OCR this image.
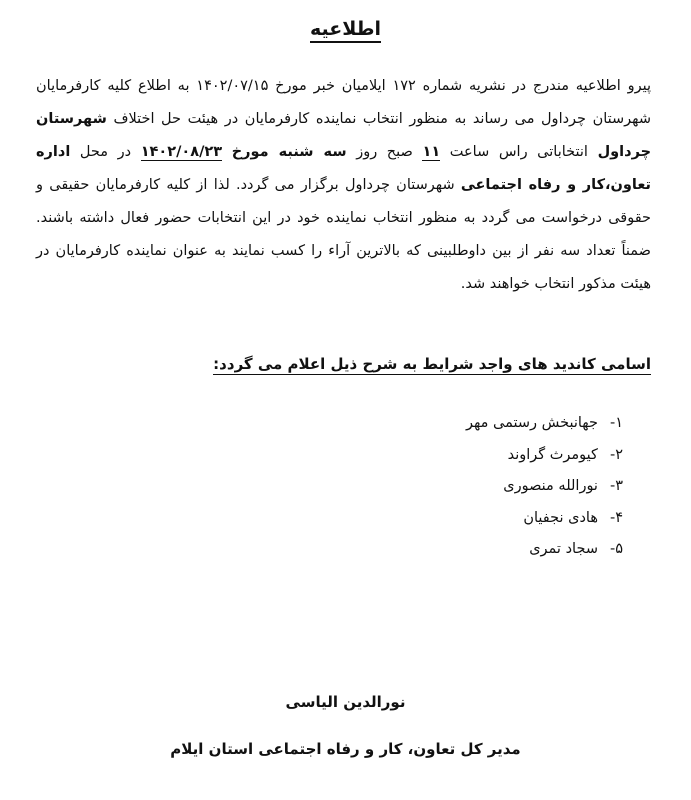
اطلاعیه
پیرو اطلاعیه مندرج در نشریه شماره ۱۷۲ ایلامیان خبر مورخ ۱۴۰۲/۰۷/۱۵ به اطلاع کلیه کارفرمایان شهرستان چرداول می رساند به منظور انتخاب نماینده کارفرمایان در هیئت حل اختلاف شهرستان چرداول انتخاباتی راس ساعت ۱۱ صبح روز سه شنبه مورخ ۱۴۰۲/۰۸/۲۳ در محل اداره تعاون،کار و رفاه اجتماعی شهرستان چرداول برگزار می گردد. لذا از کلیه کارفرمایان حقیقی و حقوقی درخواست می گردد به منظور انتخاب نماینده خود در این انتخابات حضور فعال داشته باشند. ضمناً تعداد سه نفر از بین داوطلبینی که بالاترین آراء را کسب نمایند به عنوان نماینده کارفرمایان در هیئت مذکور انتخاب خواهند شد.
اسامی کاندید های واجد شرایط به شرح ذیل اعلام می گردد:
۱-جهانبخش رستمی مهر
۲-کیومرث گراوند
۳-نورالله منصوری
۴-هادی نجفیان
۵-سجاد تمری
نورالدین الیاسی
مدیر کل تعاون، کار و رفاه اجتماعی استان ایلام
